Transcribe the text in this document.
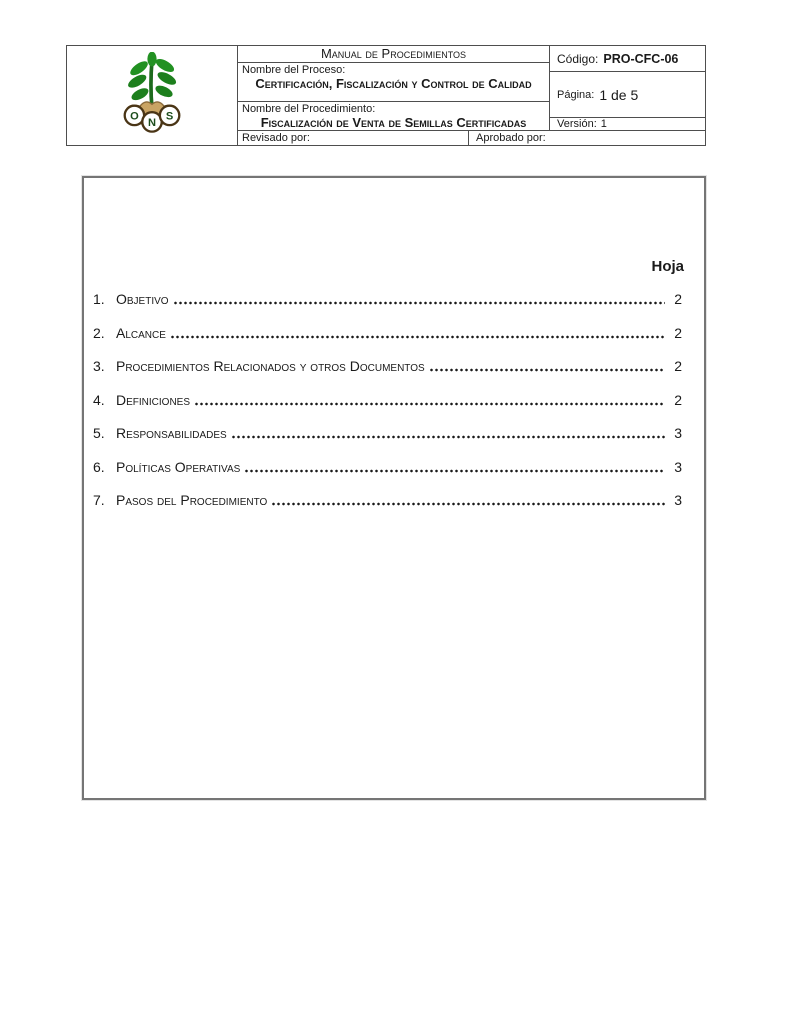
O
N
S
Manual de Procedimientos
Nombre del Proceso:
Certificación, Fiscalización y Control de Calidad
Nombre del Procedimiento:
Fiscalización de Venta de Semillas Certificadas
Código: PRO-CFC-06
Página: 1 de 5
Versión: 1
Revisado por:	Aprobado por:
Hoja
1. Objetivo	2
2. Alcance	2
3. Procedimientos Relacionados y otros Documentos	2
4. Definiciones	2
5. Responsabilidades	3
6. Políticas Operativas	3
7. Pasos del Procedimiento	3
